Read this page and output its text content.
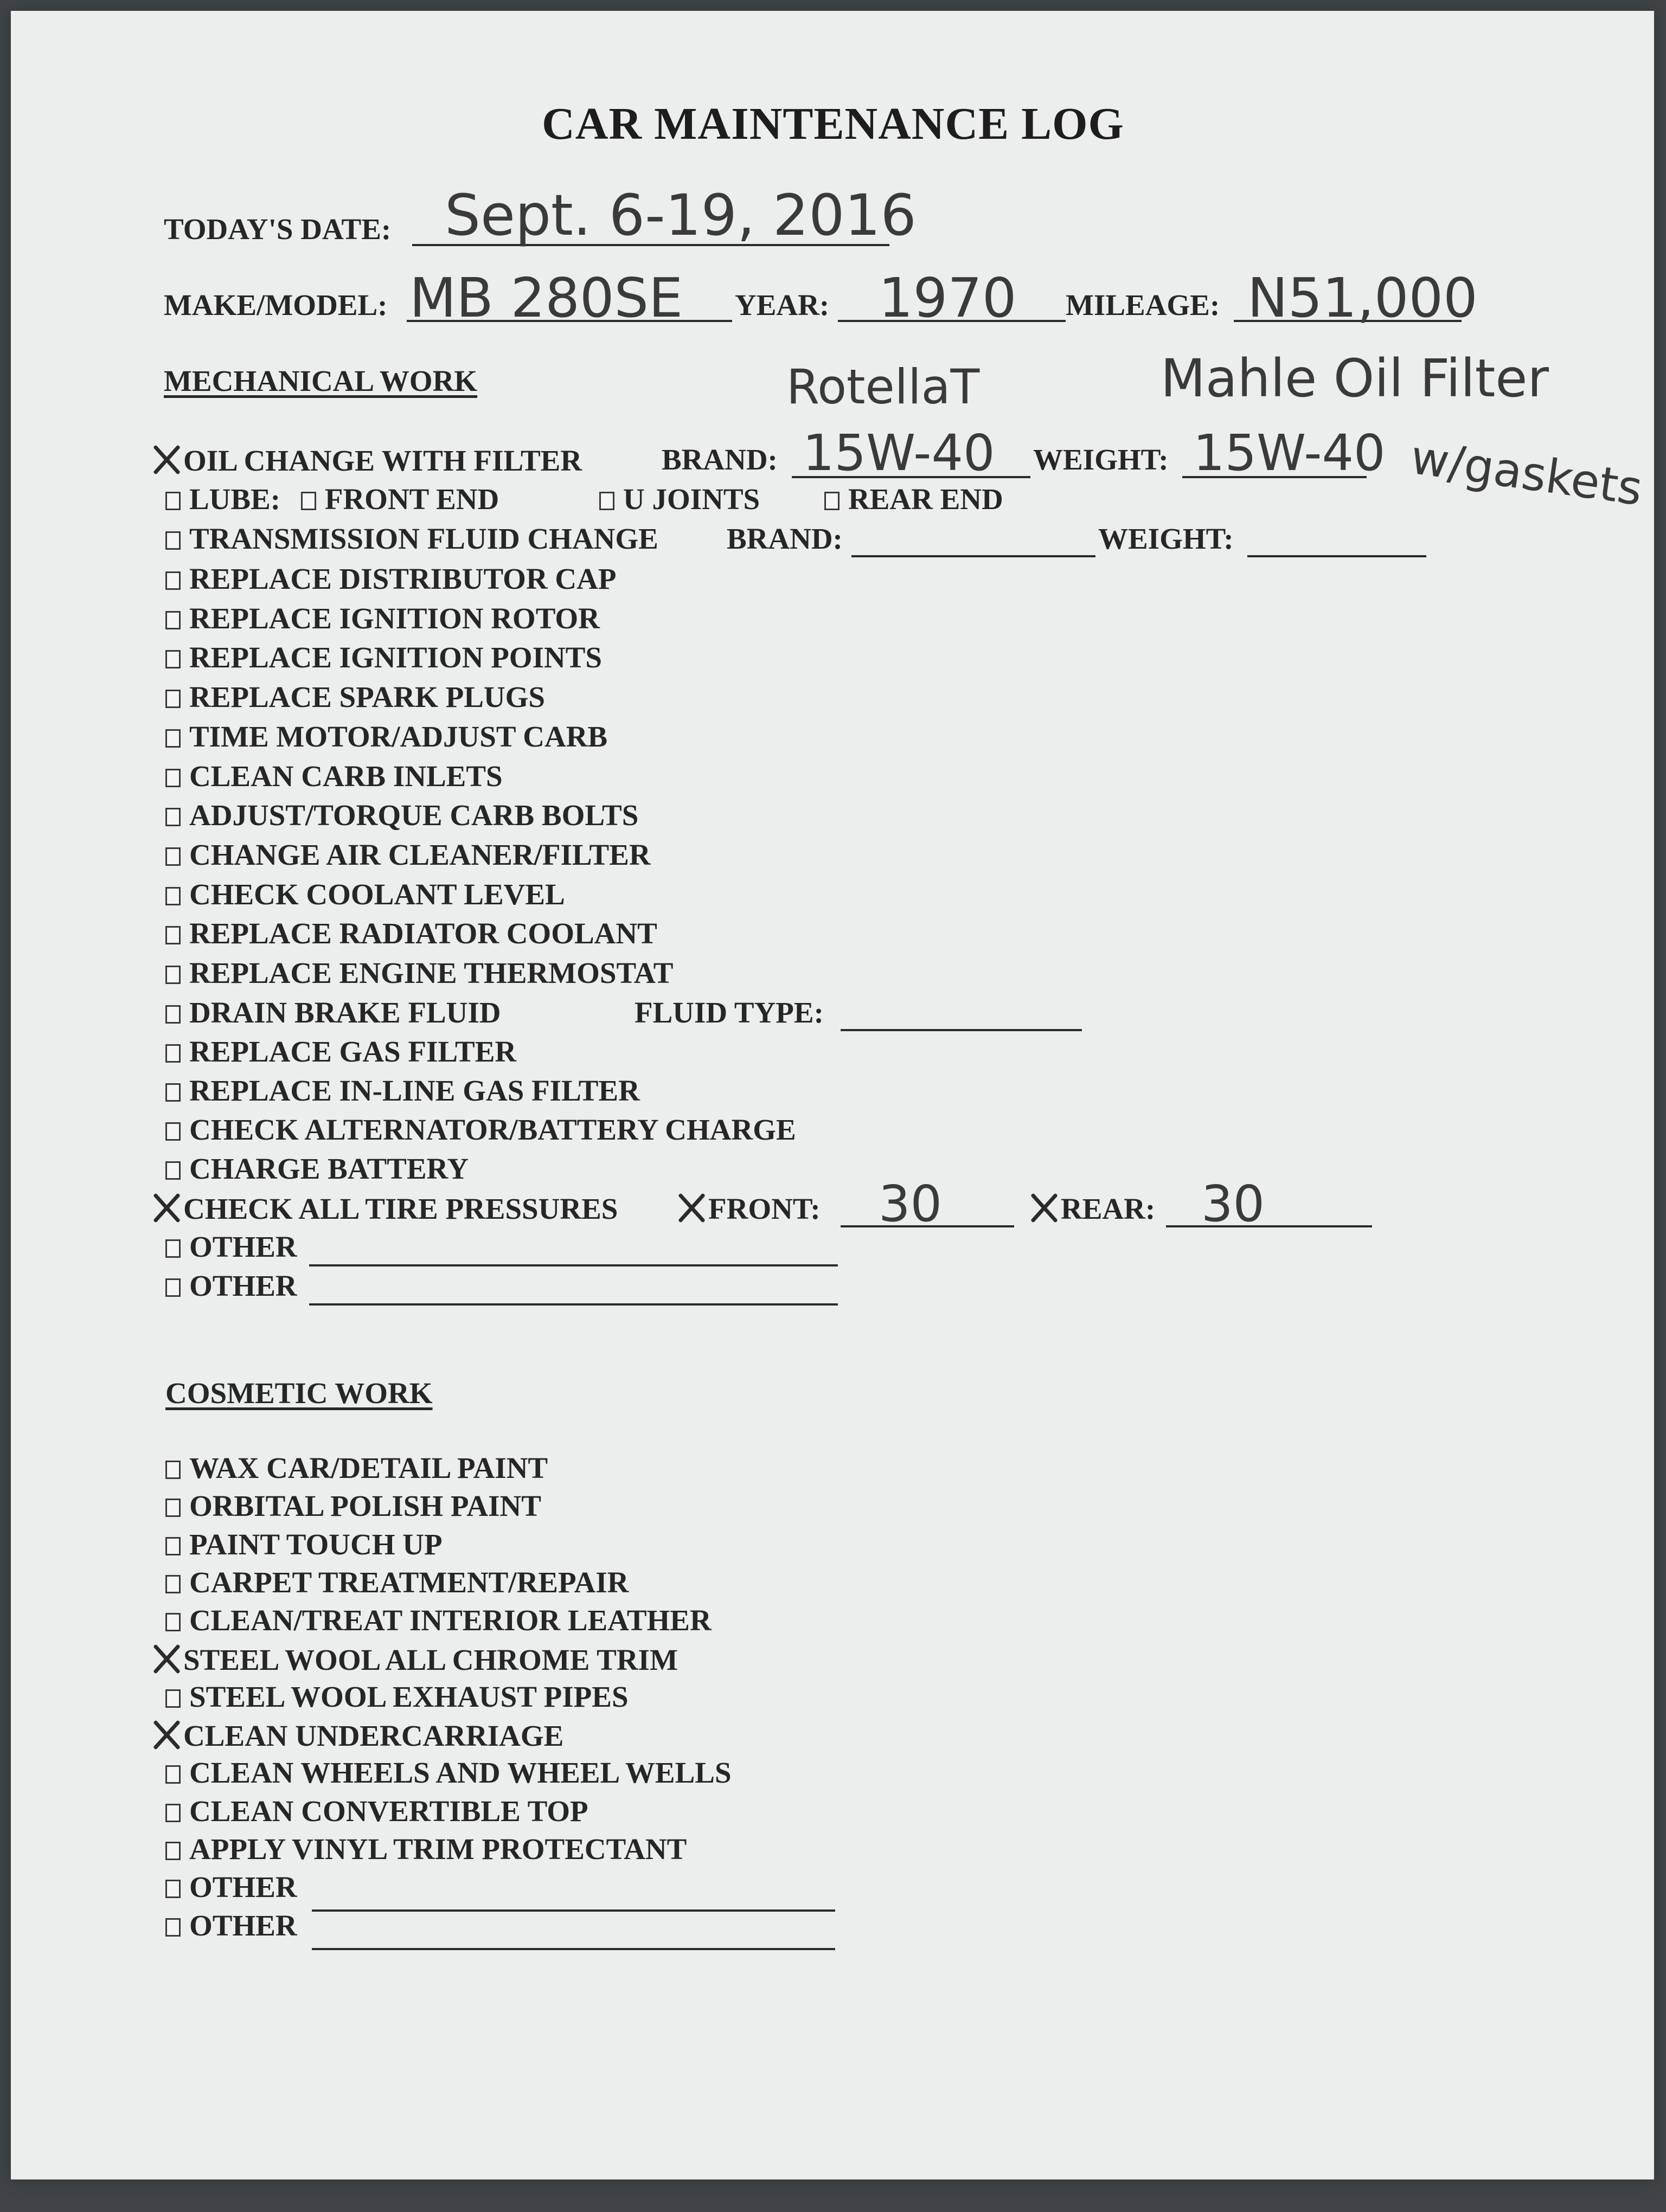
CAR MAINTENANCE LOG
TODAY'S DATE: Sept. 6-19, 2016
MAKE/MODEL: MB 280SE YEAR: 1970 MILEAGE: N51,000
MECHANICAL WORK	RotellaT	Mahle Oil Filter
w/gaskets
OIL CHANGE WITH FILTER	BRAND: 15W-40 WEIGHT: 15W-40
LUBE: FRONT END	U JOINTS	REAR END
TRANSMISSION FLUID CHANGE BRAND:	WEIGHT:
REPLACE DISTRIBUTOR CAP
REPLACE IGNITION ROTOR
REPLACE IGNITION POINTS
REPLACE SPARK PLUGS
TIME MOTOR/ADJUST CARB
CLEAN CARB INLETS
ADJUST/TORQUE CARB BOLTS
CHANGE AIR CLEANER/FILTER
CHECK COOLANT LEVEL
REPLACE RADIATOR COOLANT
REPLACE ENGINE THERMOSTAT
DRAIN BRAKE FLUID	FLUID TYPE:
REPLACE GAS FILTER
REPLACE IN-LINE GAS FILTER
CHECK ALTERNATOR/BATTERY CHARGE
CHARGE BATTERY
CHECK ALL TIRE PRESSURES	FRONT: 30	REAR: 30
OTHER
OTHER
COSMETIC WORK
WAX CAR/DETAIL PAINT
ORBITAL POLISH PAINT
PAINT TOUCH UP
CARPET TREATMENT/REPAIR
CLEAN/TREAT INTERIOR LEATHER
STEEL WOOL ALL CHROME TRIM
STEEL WOOL EXHAUST PIPES
CLEAN UNDERCARRIAGE
CLEAN WHEELS AND WHEEL WELLS
CLEAN CONVERTIBLE TOP
APPLY VINYL TRIM PROTECTANT
OTHER
OTHER
